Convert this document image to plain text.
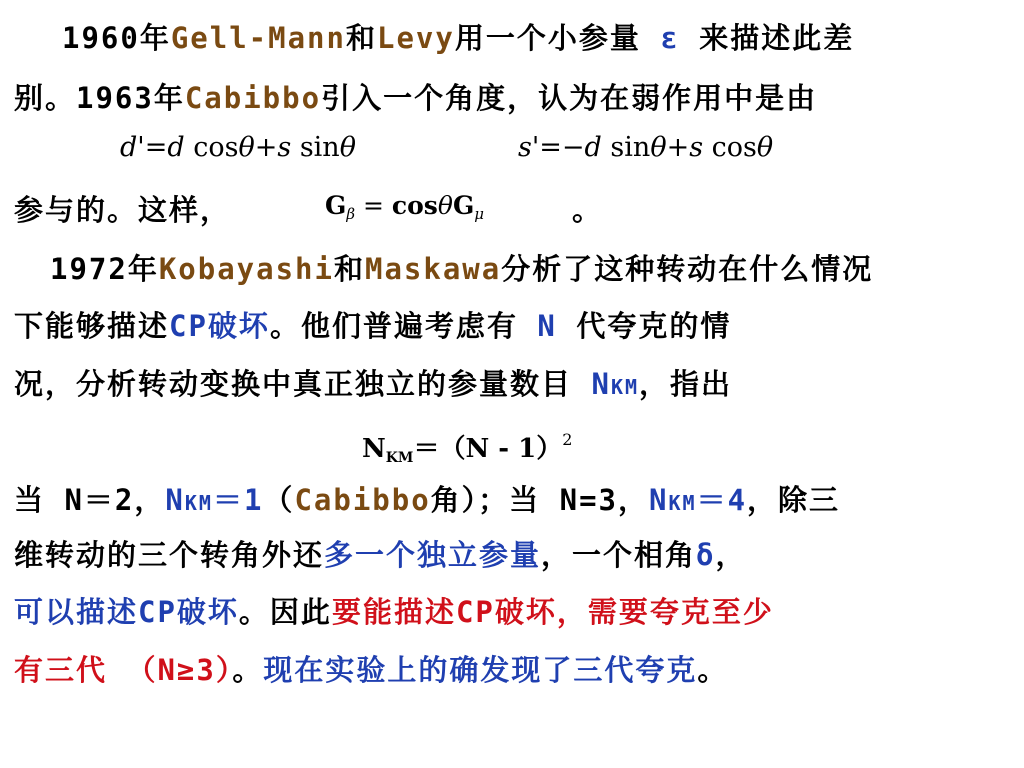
1960年Gell-Mann和Levy用一个小参量 ε 来描述此差
别。1963年Cabibbo引入一个角度，认为在弱作用中是由
d'=d cosθ+s sinθ	s'=−d sinθ+s cosθ
参与的。这样，	$G_\beta = \cos\theta G_\mu$	。
1972年Kobayashi和Maskawa分析了这种转动在什么情况
下能够描述CP破坏。他们普遍考虑有 N 代夸克的情
况，分析转动变换中真正独立的参量数目 NKM，指出
$N_{KM}=(N - 1)^2$
当 N＝2，NKM＝1（Cabibbo角）；当 N=3，NKM＝4，除三
维转动的三个转角外还多一个独立参量，一个相角δ，
可以描述CP破坏。因此要能描述CP破坏，需要夸克至少
有三代 （N≥3）。现在实验上的确发现了三代夸克。
